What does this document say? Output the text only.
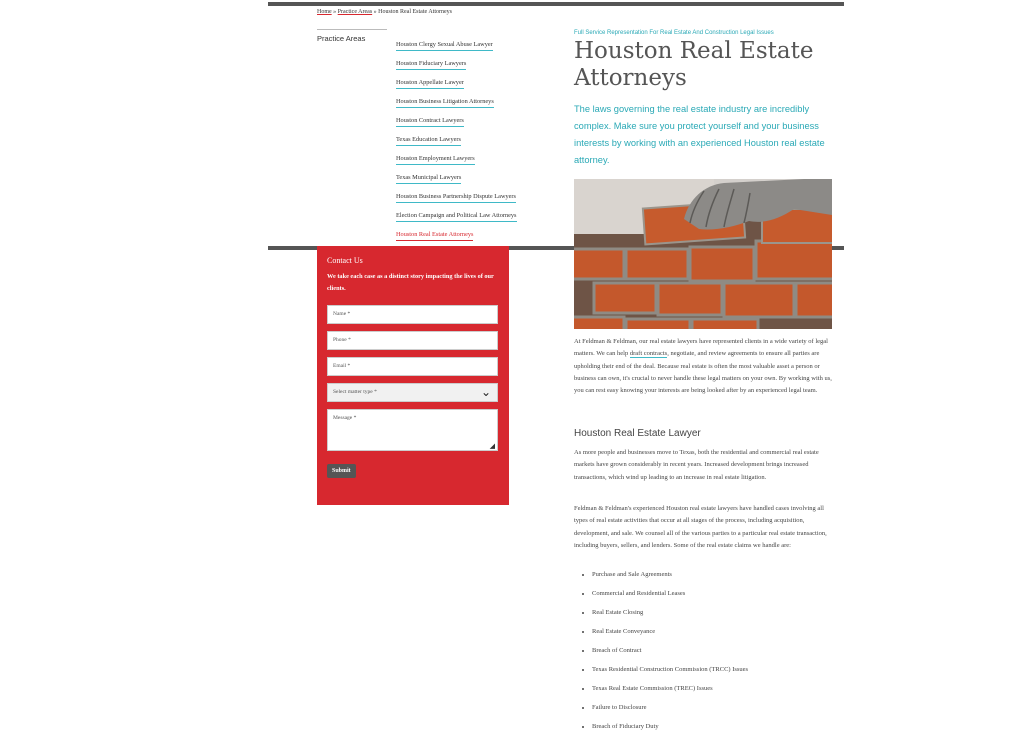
Home » Practice Areas » Houston Real Estate Attorneys
Practice Areas
Houston Clergy Sexual Abuse Lawyer
Houston Fiduciary Lawyers
Houston Appellate Lawyer
Houston Business Litigation Attorneys
Houston Contract Lawyers
Texas Education Lawyers
Houston Employment Lawyers
Texas Municipal Lawyers
Houston Business Partnership Dispute Lawyers
Election Campaign and Political Law Attorneys
Houston Real Estate Attorneys
Contact Us

We take each case as a distinct story impacting the lives of our clients.

Name *
Phone *
Email *
Select matter type *	⌄
Message *
◢
Submit
Full Service Representation For Real Estate And Construction Legal Issues
Houston Real Estate Attorneys

The laws governing the real estate industry are incredibly complex. Make sure you protect yourself and your business interests by working with an experienced Houston real estate attorney.

At Feldman & Feldman, our real estate lawyers have represented clients in a wide variety of legal matters. We can help draft contracts, negotiate, and review agreements to ensure all parties are upholding their end of the deal. Because real estate is often the most valuable asset a person or business can own, it's crucial to never handle these legal matters on your own. By working with us, you can rest easy knowing your interests are being looked after by an experienced legal team.

Houston Real Estate Lawyer

As more people and businesses move to Texas, both the residential and commercial real estate markets have grown considerably in recent years. Increased development brings increased transactions, which wind up leading to an increase in real estate litigation.

Feldman & Feldman's experienced Houston real estate lawyers have handled cases involving all types of real estate activities that occur at all stages of the process, including acquisition, development, and sale. We counsel all of the various parties to a particular real estate transaction, including buyers, sellers, and lenders. Some of the real estate claims we handle are:

• Purchase and Sale Agreements
• Commercial and Residential Leases
• Real Estate Closing
• Real Estate Conveyance
• Breach of Contract
• Texas Residential Construction Commission (TRCC) Issues
• Texas Real Estate Commission (TREC) Issues
• Failure to Disclosure
• Breach of Fiduciary Duty
